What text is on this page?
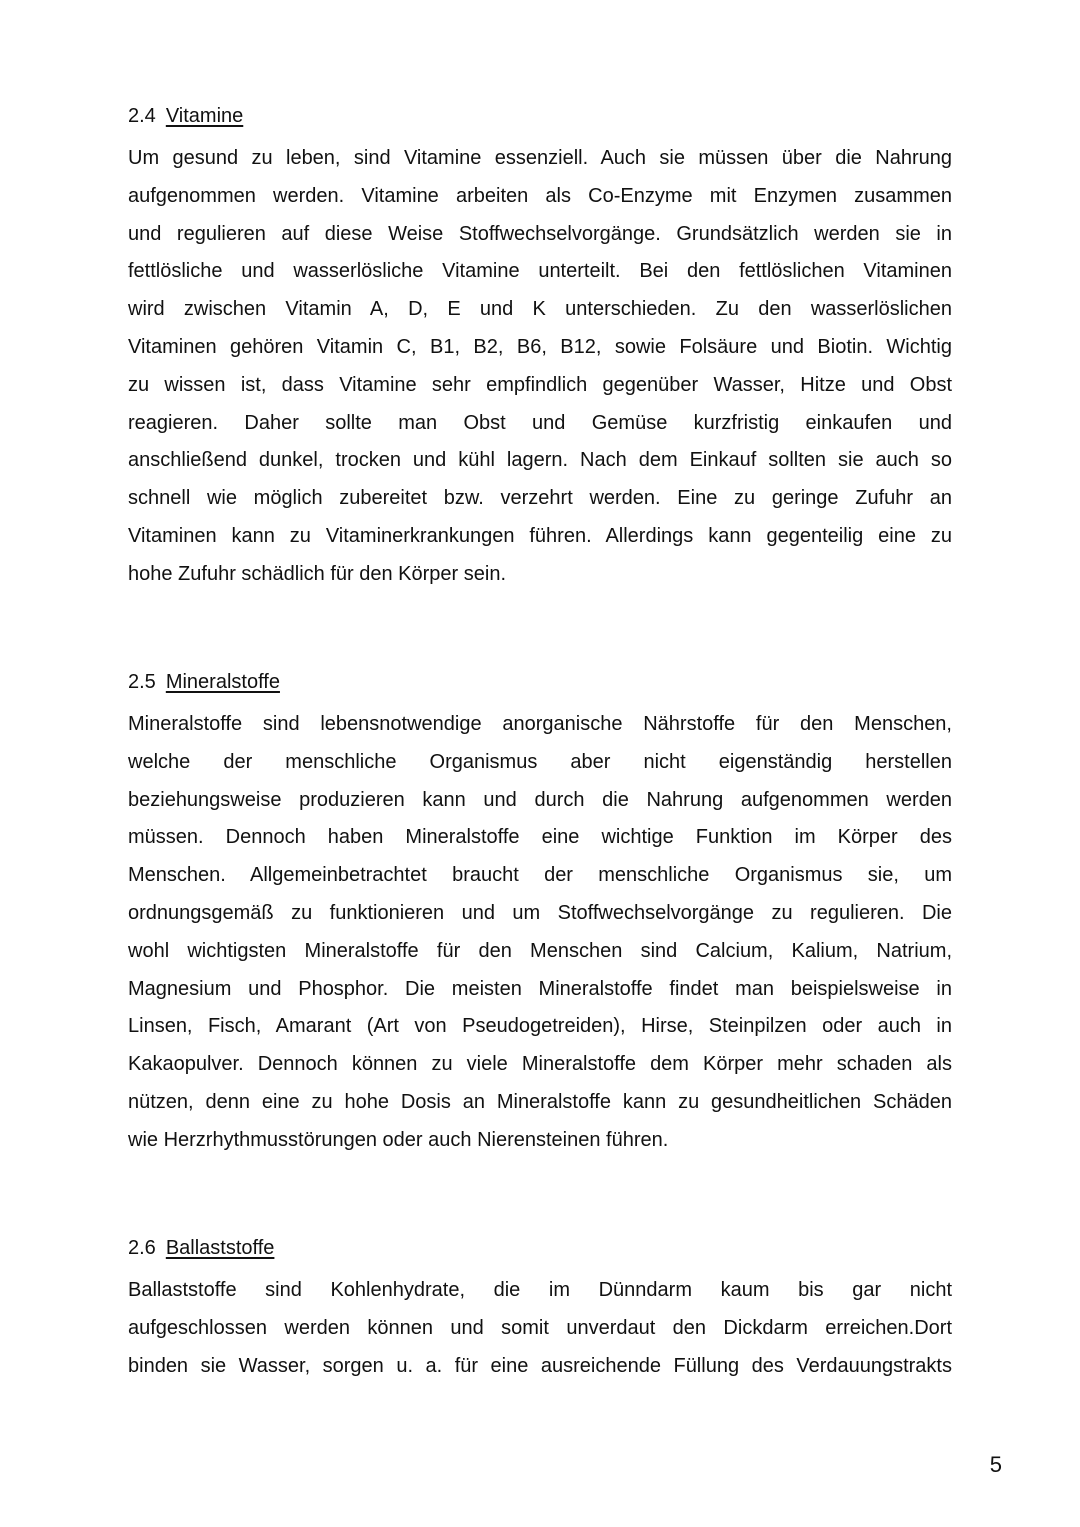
2.4 Vitamine
Um gesund zu leben, sind Vitamine essenziell. Auch sie müssen über die Nahrung
aufgenommen werden. Vitamine arbeiten als Co-Enzyme mit Enzymen zusammen
und regulieren auf diese Weise Stoffwechselvorgänge. Grundsätzlich werden sie in
fettlösliche und wasserlösliche Vitamine unterteilt. Bei den fettlöslichen Vitaminen
wird zwischen Vitamin A, D, E und K unterschieden. Zu den wasserlöslichen
Vitaminen gehören Vitamin C, B1, B2, B6, B12, sowie Folsäure und Biotin. Wichtig
zu wissen ist, dass Vitamine sehr empfindlich gegenüber Wasser, Hitze und Obst
reagieren. Daher sollte man Obst und Gemüse kurzfristig einkaufen und
anschließend dunkel, trocken und kühl lagern. Nach dem Einkauf sollten sie auch so
schnell wie möglich zubereitet bzw. verzehrt werden. Eine zu geringe Zufuhr an
Vitaminen kann zu Vitaminerkrankungen führen. Allerdings kann gegenteilig eine zu
hohe Zufuhr schädlich für den Körper sein.
2.5 Mineralstoffe
Mineralstoffe sind lebensnotwendige anorganische Nährstoffe für den Menschen,
welche der menschliche Organismus aber nicht eigenständig herstellen
beziehungsweise produzieren kann und durch die Nahrung aufgenommen werden
müssen. Dennoch haben Mineralstoffe eine wichtige Funktion im Körper des
Menschen. Allgemeinbetrachtet braucht der menschliche Organismus sie, um
ordnungsgemäß zu funktionieren und um Stoffwechselvorgänge zu regulieren. Die
wohl wichtigsten Mineralstoffe für den Menschen sind Calcium, Kalium, Natrium,
Magnesium und Phosphor. Die meisten Mineralstoffe findet man beispielsweise in
Linsen, Fisch, Amarant (Art von Pseudogetreiden), Hirse, Steinpilzen oder auch in
Kakaopulver. Dennoch können zu viele Mineralstoffe dem Körper mehr schaden als
nützen, denn eine zu hohe Dosis an Mineralstoffe kann zu gesundheitlichen Schäden
wie Herzrhythmusstörungen oder auch Nierensteinen führen.
2.6 Ballaststoffe
Ballaststoffe sind Kohlenhydrate, die im Dünndarm kaum bis gar nicht
aufgeschlossen werden können und somit unverdaut den Dickdarm erreichen.Dort
binden sie Wasser, sorgen u. a. für eine ausreichende Füllung des Verdauungstrakts
5
